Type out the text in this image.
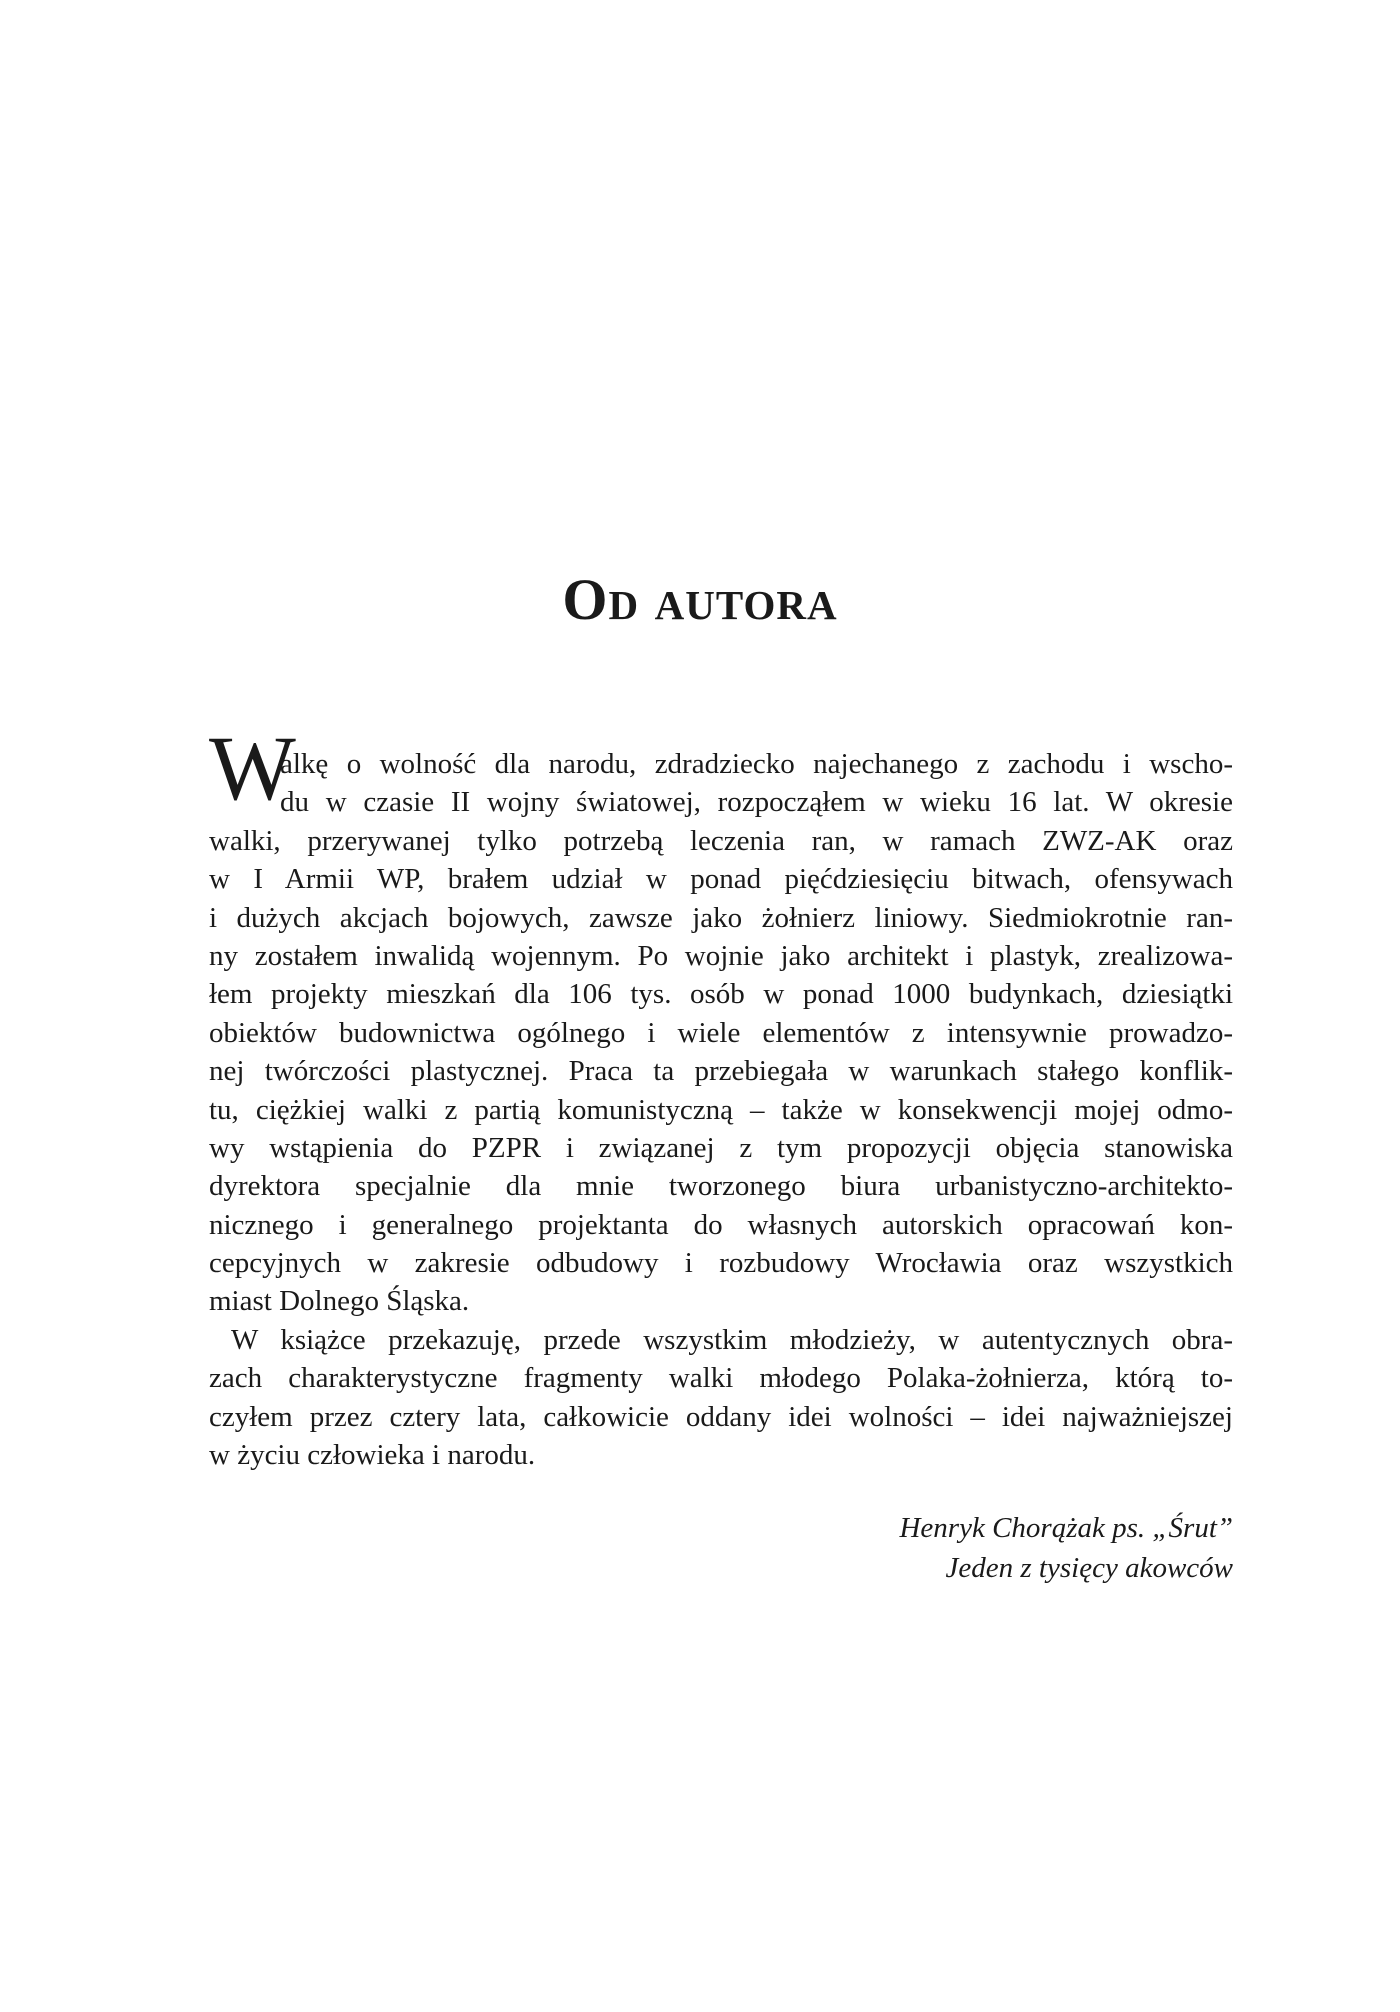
Od autora
W
alkę o wolność dla narodu, zdradziecko najechanego z zachodu i wscho-
du w czasie II wojny światowej, rozpocząłem w wieku 16 lat. W okresie
walki, przerywanej tylko potrzebą leczenia ran, w ramach ZWZ-AK oraz
w I Armii WP, brałem udział w ponad pięćdziesięciu bitwach, ofensywach
i dużych akcjach bojowych, zawsze jako żołnierz liniowy. Siedmiokrotnie ran-
ny zostałem inwalidą wojennym. Po wojnie jako architekt i plastyk, zrealizowa-
łem projekty mieszkań dla 106 tys. osób w ponad 1000 budynkach, dziesiątki
obiektów budownictwa ogólnego i wiele elementów z intensywnie prowadzo-
nej twórczości plastycznej. Praca ta przebiegała w warunkach stałego konflik-
tu, ciężkiej walki z partią komunistyczną – także w konsekwencji mojej odmo-
wy wstąpienia do PZPR i związanej z tym propozycji objęcia stanowiska
dyrektora specjalnie dla mnie tworzonego biura urbanistyczno-architekto-
nicznego i generalnego projektanta do własnych autorskich opracowań kon-
cepcyjnych w zakresie odbudowy i rozbudowy Wrocławia oraz wszystkich
miast Dolnego Śląska.
W książce przekazuję, przede wszystkim młodzieży, w autentycznych obra-
zach charakterystyczne fragmenty walki młodego Polaka-żołnierza, którą to-
czyłem przez cztery lata, całkowicie oddany idei wolności – idei najważniejszej
w życiu człowieka i narodu.
Henryk Chorążak ps. „Śrut”
Jeden z tysięcy akowców
